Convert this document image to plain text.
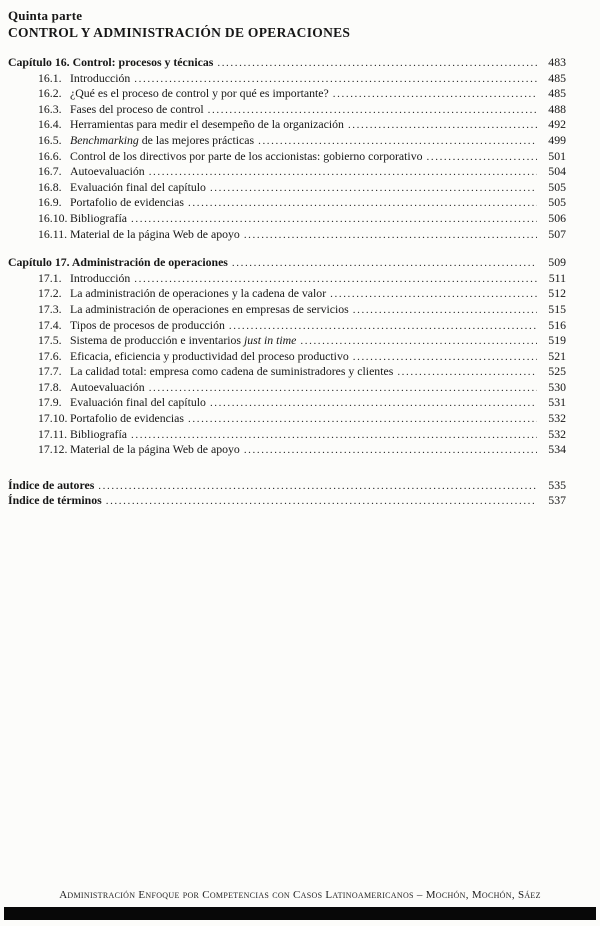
Quinta parte
CONTROL Y ADMINISTRACIÓN DE OPERACIONES
Capítulo 16. Control: procesos y técnicas .....	483
16.1. Introducción .....	485
16.2. ¿Qué es el proceso de control y por qué es importante? .....	485
16.3. Fases del proceso de control .....	488
16.4. Herramientas para medir el desempeño de la organización .....	492
16.5. Benchmarking de las mejores prácticas .....	499
16.6. Control de los directivos por parte de los accionistas: gobierno corporativo .....	501
16.7. Autoevaluación .....	504
16.8. Evaluación final del capítulo .....	505
16.9. Portafolio de evidencias .....	505
16.10. Bibliografía .....	506
16.11. Material de la página Web de apoyo .....	507
Capítulo 17. Administración de operaciones .....	509
17.1. Introducción .....	511
17.2. La administración de operaciones y la cadena de valor .....	512
17.3. La administración de operaciones en empresas de servicios .....	515
17.4. Tipos de procesos de producción .....	516
17.5. Sistema de producción e inventarios just in time .....	519
17.6. Eficacia, eficiencia y productividad del proceso productivo .....	521
17.7. La calidad total: empresa como cadena de suministradores y clientes .....	525
17.8. Autoevaluación .....	530
17.9. Evaluación final del capítulo .....	531
17.10. Portafolio de evidencias .....	532
17.11. Bibliografía .....	532
17.12. Material de la página Web de apoyo .....	534
Índice de autores .....	535
Índice de términos .....	537
Administración Enfoque por Competencias con Casos Latinoamericanos – Mochón, Mochón, Sáez
